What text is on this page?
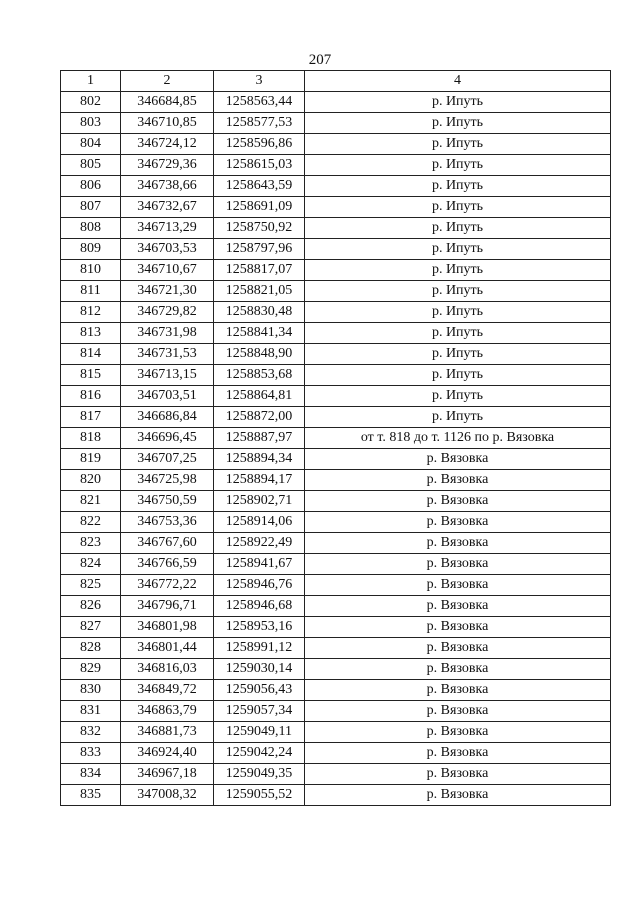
207
1	2	3	4
802	346684,85	1258563,44	р. Ипуть
803	346710,85	1258577,53	р. Ипуть
804	346724,12	1258596,86	р. Ипуть
805	346729,36	1258615,03	р. Ипуть
806	346738,66	1258643,59	р. Ипуть
807	346732,67	1258691,09	р. Ипуть
808	346713,29	1258750,92	р. Ипуть
809	346703,53	1258797,96	р. Ипуть
810	346710,67	1258817,07	р. Ипуть
811	346721,30	1258821,05	р. Ипуть
812	346729,82	1258830,48	р. Ипуть
813	346731,98	1258841,34	р. Ипуть
814	346731,53	1258848,90	р. Ипуть
815	346713,15	1258853,68	р. Ипуть
816	346703,51	1258864,81	р. Ипуть
817	346686,84	1258872,00	р. Ипуть
818	346696,45	1258887,97	от т. 818 до т. 1126 по р. Вязовка
819	346707,25	1258894,34	р. Вязовка
820	346725,98	1258894,17	р. Вязовка
821	346750,59	1258902,71	р. Вязовка
822	346753,36	1258914,06	р. Вязовка
823	346767,60	1258922,49	р. Вязовка
824	346766,59	1258941,67	р. Вязовка
825	346772,22	1258946,76	р. Вязовка
826	346796,71	1258946,68	р. Вязовка
827	346801,98	1258953,16	р. Вязовка
828	346801,44	1258991,12	р. Вязовка
829	346816,03	1259030,14	р. Вязовка
830	346849,72	1259056,43	р. Вязовка
831	346863,79	1259057,34	р. Вязовка
832	346881,73	1259049,11	р. Вязовка
833	346924,40	1259042,24	р. Вязовка
834	346967,18	1259049,35	р. Вязовка
835	347008,32	1259055,52	р. Вязовка
